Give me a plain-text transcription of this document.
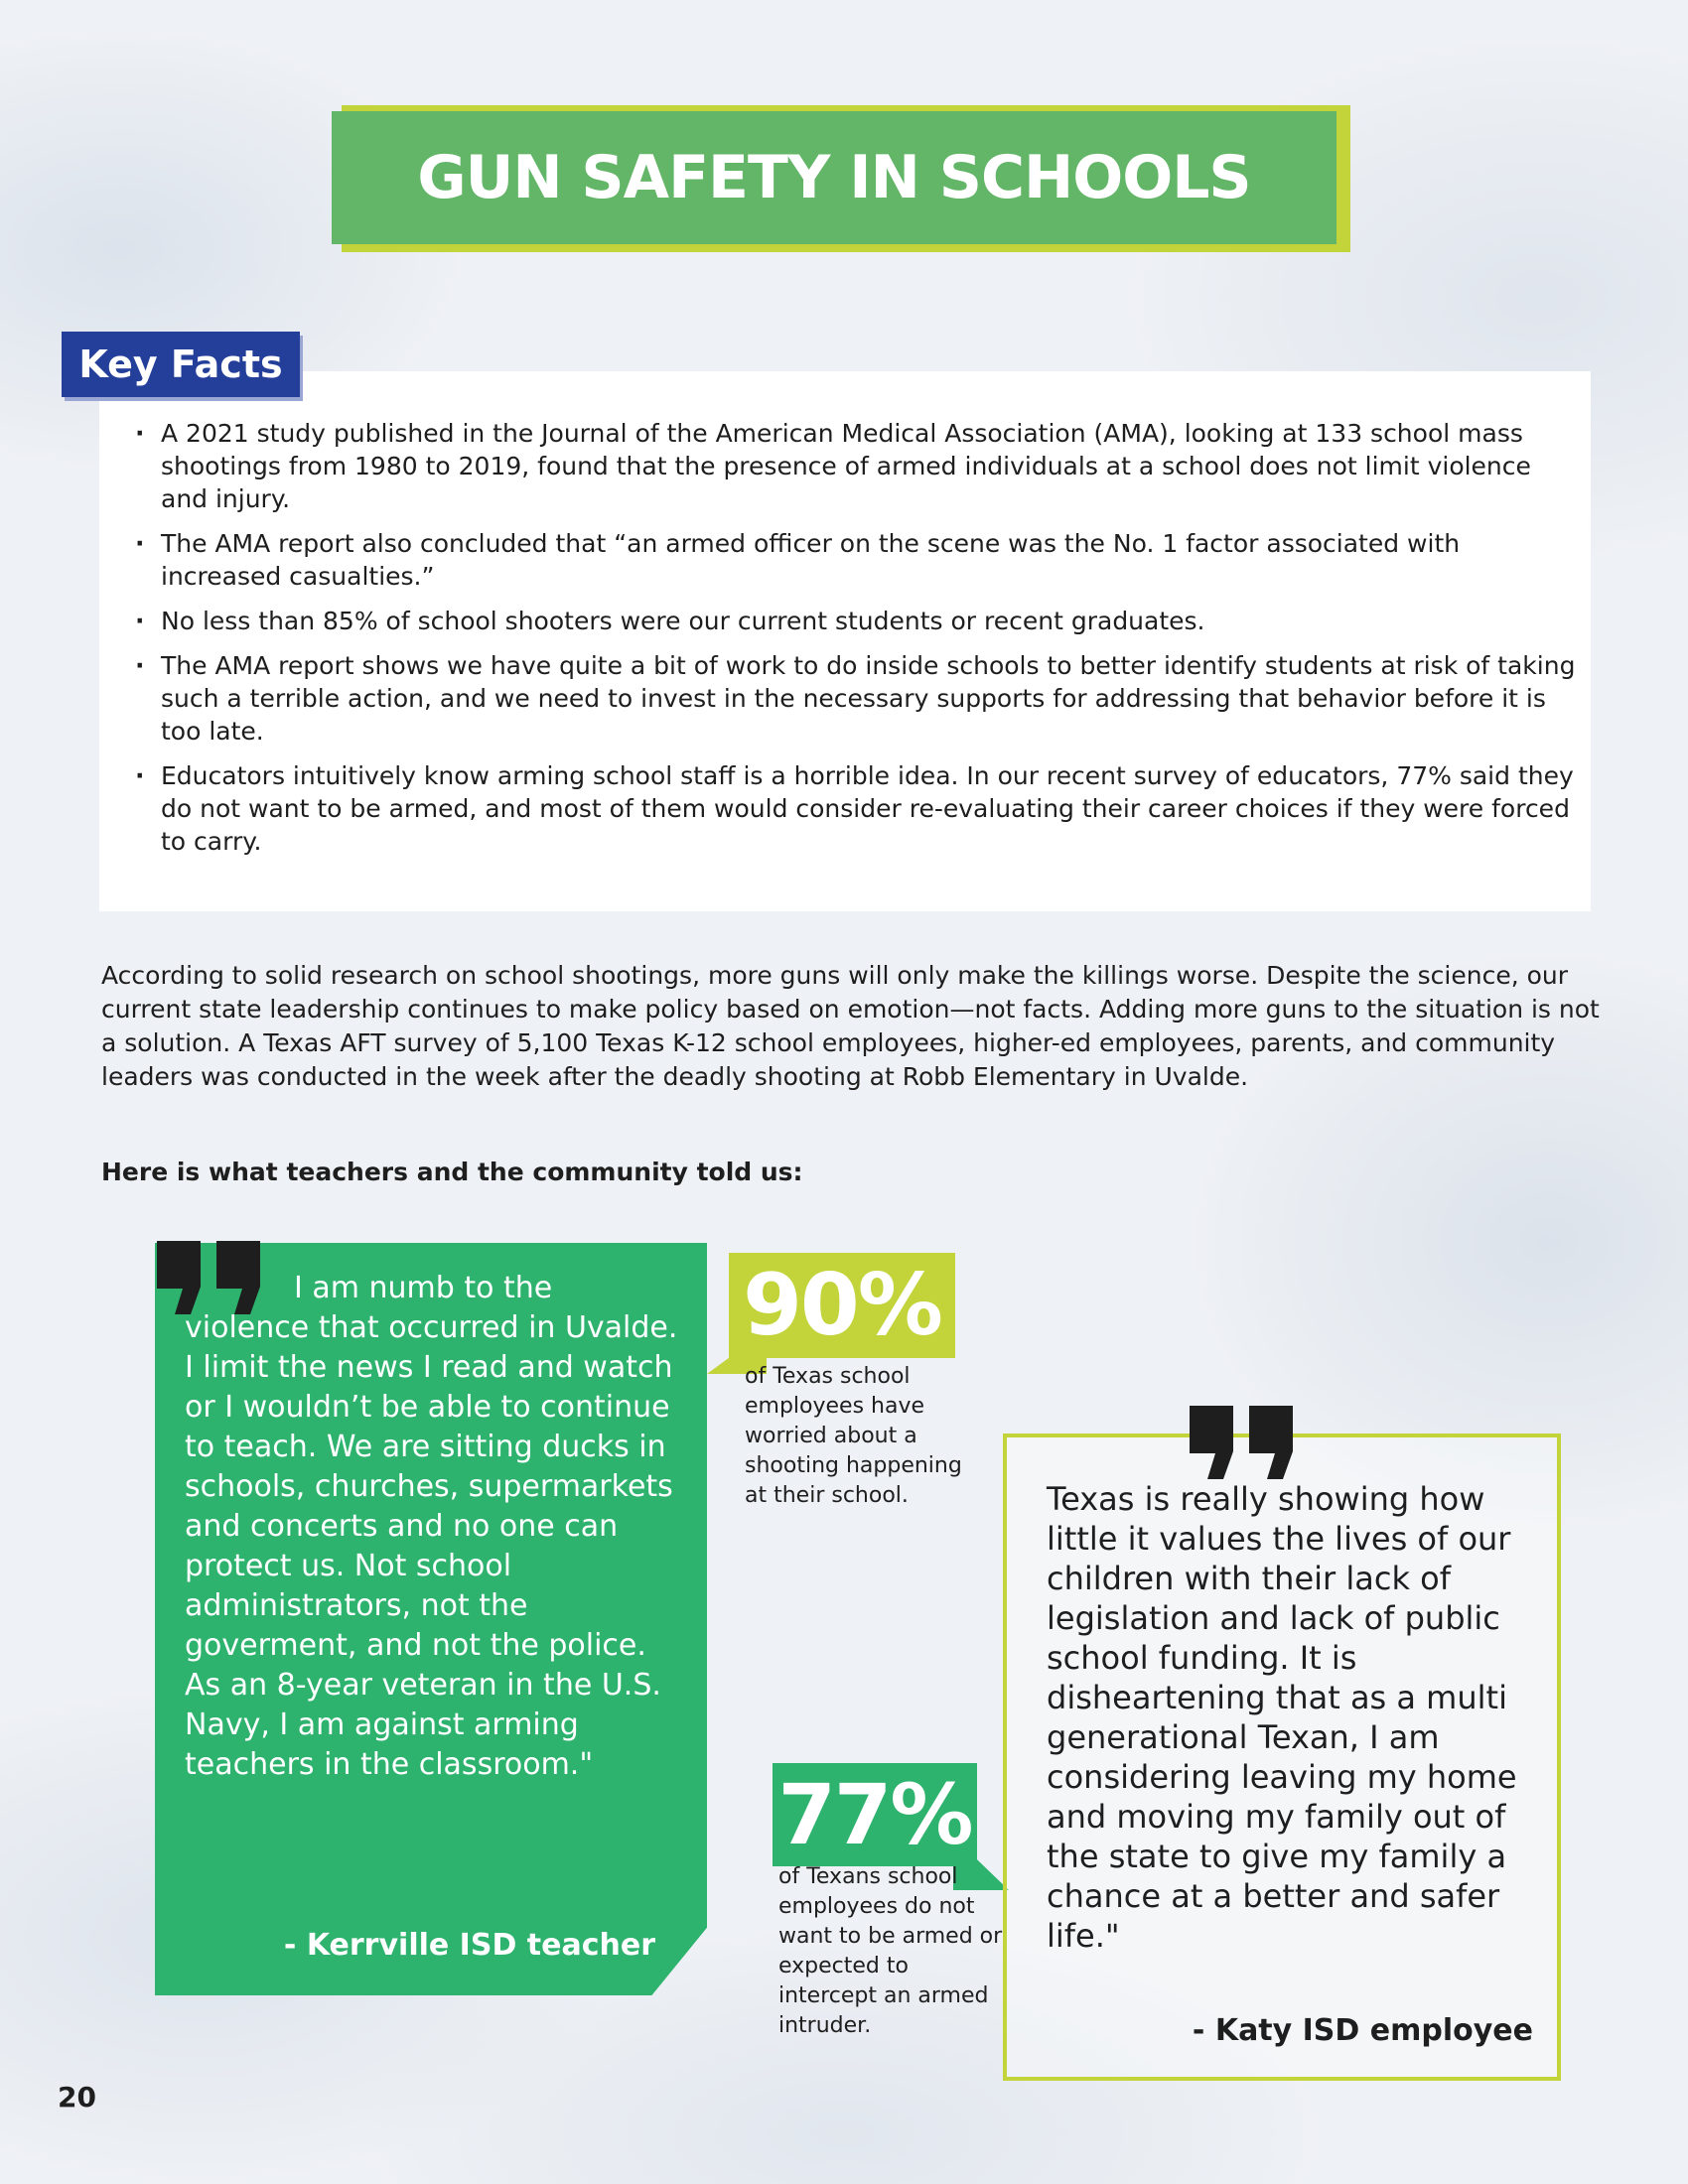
GUN SAFETY IN SCHOOLS
Key Facts
· A 2021 study published in the Journal of the American Medical Association (AMA), looking at 133 school mass shootings from 1980 to 2019, found that the presence of armed individuals at a school does not limit violence and injury.
· The AMA report also concluded that “an armed officer on the scene was the No. 1 factor associated with increased casualties.”
· No less than 85% of school shooters were our current students or recent graduates.
· The AMA report shows we have quite a bit of work to do inside schools to better identify students at risk of taking such a terrible action, and we need to invest in the necessary supports for addressing that behavior before it is too late.
· Educators intuitively know arming school staff is a horrible idea. In our recent survey of educators, 77% said they do not want to be armed, and most of them would consider re-evaluating their career choices if they were forced to carry.

According to solid research on school shootings, more guns will only make the killings worse. Despite the science, our current state leadership continues to make policy based on emotion—not facts. Adding more guns to the situation is not a solution. A Texas AFT survey of 5,100 Texas K-12 school employees, higher-ed employees, parents, and community leaders was conducted in the week after the deadly shooting at Robb Elementary in Uvalde.

Here is what teachers and the community told us:

I am numb to the violence that occurred in Uvalde. I limit the news I read and watch or I wouldn’t be able to continue to teach. We are sitting ducks in schools, churches, supermarkets and concerts and no one can protect us. Not school administrators, not the goverment, and not the police. As an 8-year veteran in the U.S. Navy, I am against arming teachers in the classroom."

- Kerrville ISD teacher

90%

of Texas school employees have worried about a shooting happening at their school.

77%

of Texans school employees do not want to be armed or expected to intercept an armed intruder.

Texas is really showing how little it values the lives of our children with their lack of legislation and lack of public school funding. It is disheartening that as a multi generational Texan, I am considering leaving my home and moving my family out of the state to give my family a chance at a better and safer life."

- Katy ISD employee

20
